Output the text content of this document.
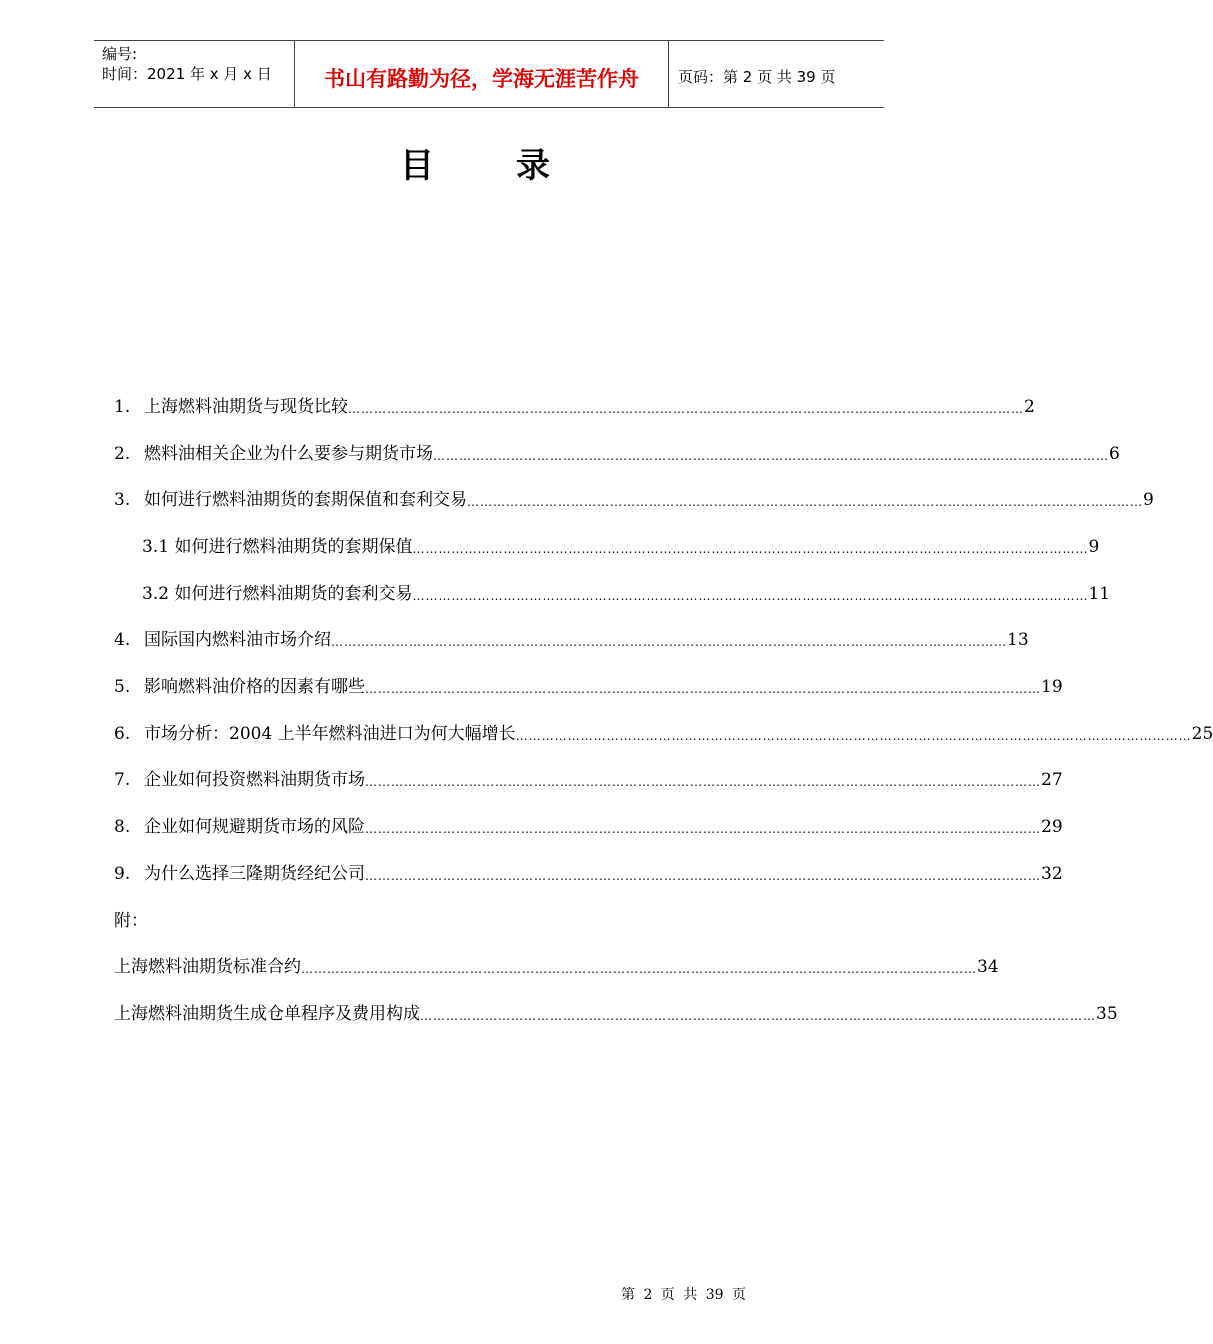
编号:
时间：2021 年 x 月 x 日	书山有路勤为径，学海无涯苦作舟	页码：第 2 页 共 39 页
目录
1. 上海燃料油期货与现货比较 ………………………………………………………………………………………………………………………………………… 2
2. 燃料油相关企业为什么要参与期货市场 ………………………………………………………………………………………………………………………………………… 6
3. 如何进行燃料油期货的套期保值和套利交易 ………………………………………………………………………………………………………………………………………… 9
3.1 如何进行燃料油期货的套期保值 ………………………………………………………………………………………………………………………………………… 9
3.2 如何进行燃料油期货的套利交易 ………………………………………………………………………………………………………………………………………… 11
4. 国际国内燃料油市场介绍 ………………………………………………………………………………………………………………………………………… 13
5. 影响燃料油价格的因素有哪些 ………………………………………………………………………………………………………………………………………… 19
6. 市场分析：2004 上半年燃料油进口为何大幅增长 ………………………………………………………………………………………………………………………………………… 25
7. 企业如何投资燃料油期货市场 ………………………………………………………………………………………………………………………………………… 27
8. 企业如何规避期货市场的风险 ………………………………………………………………………………………………………………………………………… 29
9. 为什么选择三隆期货经纪公司 ………………………………………………………………………………………………………………………………………… 32
附：
上海燃料油期货标准合约 ………………………………………………………………………………………………………………………………………… 34
上海燃料油期货生成仓单程序及费用构成 ………………………………………………………………………………………………………………………………………… 35
第 2 页 共 39 页
